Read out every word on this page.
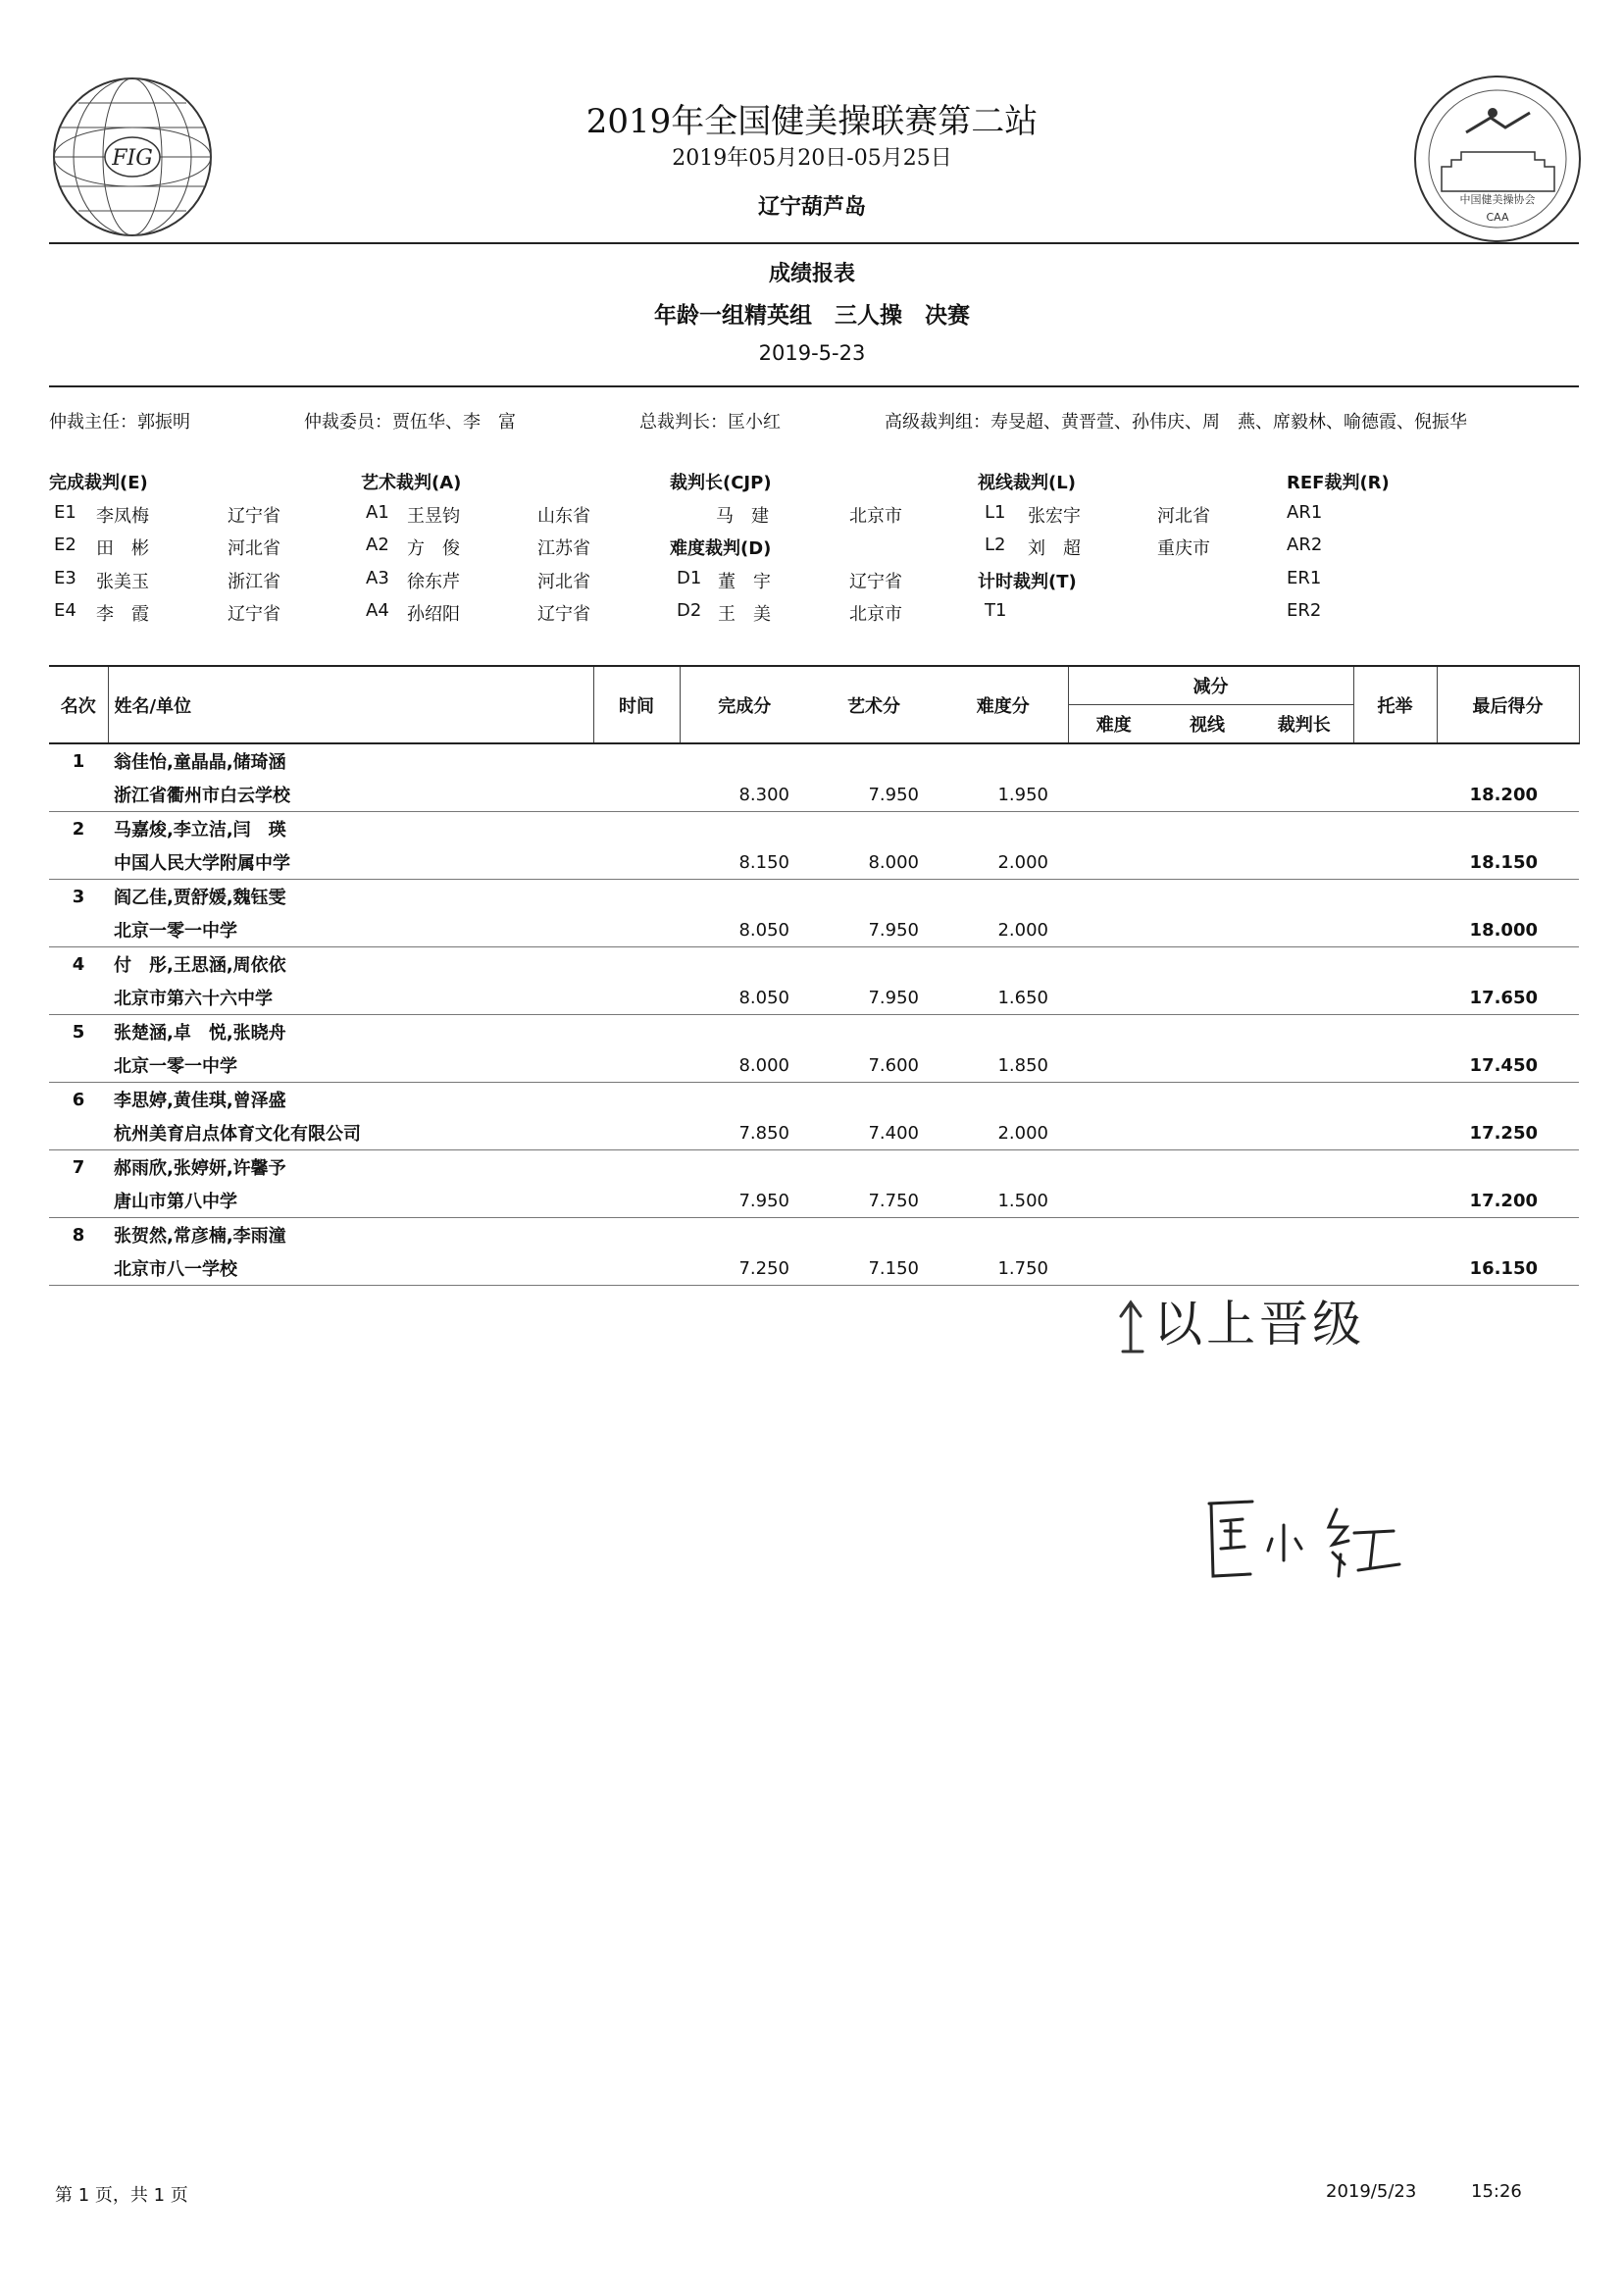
FIG
中国健美操协会
CAA
2019年全国健美操联赛第二站
2019年05月20日-05月25日
辽宁葫芦岛
成绩报表
年龄一组精英组　三人操　决赛
2019-5-23
仲裁主任：郭振明	仲裁委员：贾伍华、李　富	总裁判长：匡小红	高级裁判组：寿旻超、黄晋萱、孙伟庆、周　燕、席毅林、喻德霞、倪振华
完成裁判(E)
E1 李凤梅	辽宁省
E2 田　彬	河北省
E3 张美玉	浙江省
E4 李　霞	辽宁省
艺术裁判(A)
A1 王昱钧	山东省
A2 方　俊	江苏省
A3 徐东芹	河北省
A4 孙绍阳	辽宁省
裁判长(CJP)
马　建	北京市
难度裁判(D)
D1 董　宇	辽宁省
D2 王　美	北京市
视线裁判(L)
L1 张宏宇	河北省
L2 刘　超	重庆市
计时裁判(T)
T1
REF裁判(R)
AR1
AR2
ER1
ER2
名次	姓名/单位	时间	完成分	艺术分	难度分	减分			托举	最后得分
						难度	视线	裁判长		
1	翁佳怡,童晶晶,储琦涵									
	浙江省衢州市白云学校		8.300	7.950	1.950					18.200
2	马嘉焌,李立洁,闫　瑛									
	中国人民大学附属中学		8.150	8.000	2.000					18.150
3	阎乙佳,贾舒媛,魏钰雯									
	北京一零一中学		8.050	7.950	2.000					18.000
4	付　彤,王思涵,周依依									
	北京市第六十六中学		8.050	7.950	1.650					17.650
5	张楚涵,卓　悦,张晓舟									
	北京一零一中学		8.000	7.600	1.850					17.450
6	李思婷,黄佳琪,曾泽盛									
	杭州美育启点体育文化有限公司		7.850	7.400	2.000					17.250
7	郝雨欣,张婷妍,许馨予									
	唐山市第八中学		7.950	7.750	1.500					17.200
8	张贺然,常彦楠,李雨潼									
	北京市八一学校		7.250	7.150	1.750					16.150
以上晋级
第 1 页，共 1 页	2019/5/23	15:26
